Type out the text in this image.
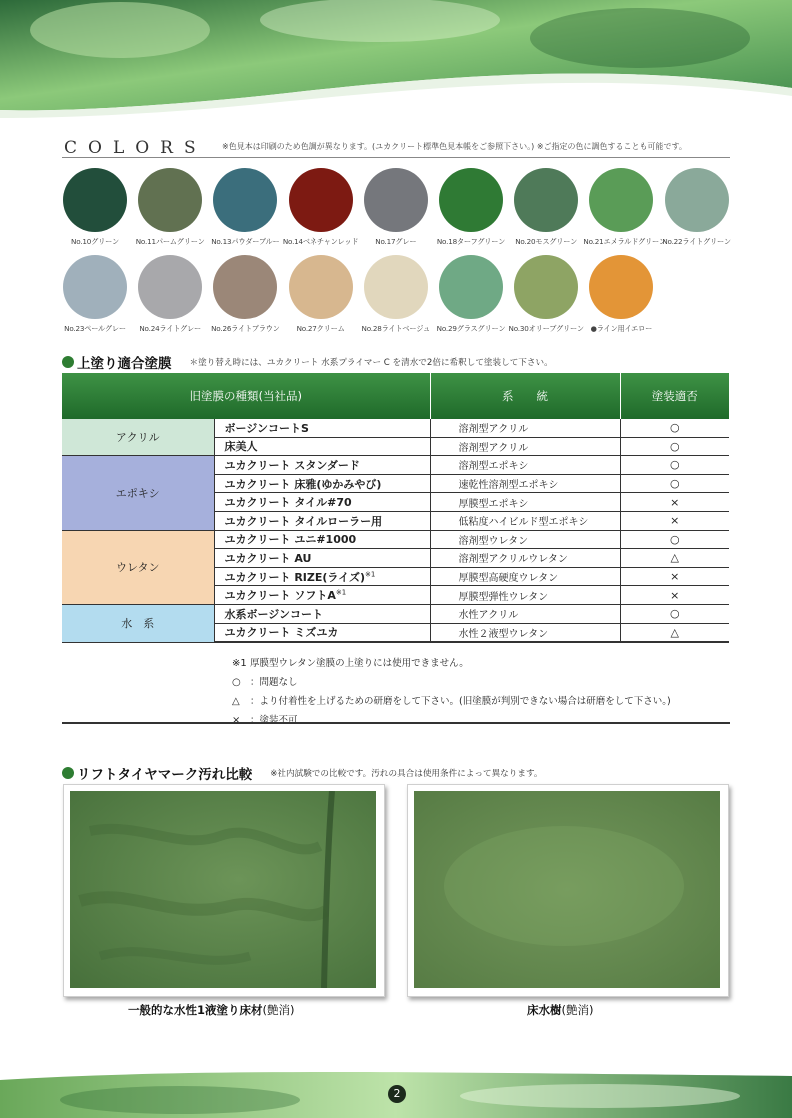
COLORS ※色見本は印刷のため色調が異なります。(ユカクリート標準色見本帳をご参照下さい。) ※ご指定の色に調色することも可能です。
No.10グリーン	No.11パームグリーン No.13パウダーブルー No.14ベネチャンレッド	No.17グレー	No.18ターフグリーン	No.20モスグリーン No.21エメラルドグリーン
No.22ライトグリーン
No.23ペールグレー	No.24ライトグレー	No.26ライトブラウン	No.27クリーム	No.28ライトベージュ No.29グラスグリーン No.30オリーブグリーン ●ライン用イエロー
上塗り適合塗膜 ＊塗り替え時には、ユカクリート 水系プライマー C を清水で2倍に希釈して塗装して下さい。
旧塗膜の種類(当社品)		系　　統	塗装適否
アクリル	ボージンコートS	溶剤型アクリル	○
	床美人	溶剤型アクリル	○
エポキシ	ユカクリート スタンダード	溶剤型エポキシ	○
	ユカクリート 床雅(ゆかみやび)	速乾性溶剤型エポキシ	○
	ユカクリート タイル#70	厚膜型エポキシ	×
	ユカクリート タイルローラー用	低粘度ハイビルド型エポキシ	×
ウレタン	ユカクリート ユニ#1000	溶剤型ウレタン	○
	ユカクリート AU	溶剤型アクリルウレタン	△
	ユカクリート RIZE(ライズ)$^{※1}$	厚膜型高硬度ウレタン	×
	ユカクリート ソフト$A^{※1}$	厚膜型弾性ウレタン	×
水　系	水系ボージンコート	水性アクリル	○
	ユカクリート ミズユカ	水性２液型ウレタン	△
※1 厚膜型ウレタン塗膜の上塗りには使用できません。
○ ：問題なし
△ ：より付着性を上げるための研磨をして下さい。(旧塗膜が判別できない場合は研磨をして下さい。)
× ：塗装不可
リフトタイヤマーク汚れ比較 ※社内試験での比較です。汚れの具合は使用条件によって異なります。
一般的な水性1液塗り床材(艶消)	床水樹(艶消)
2
